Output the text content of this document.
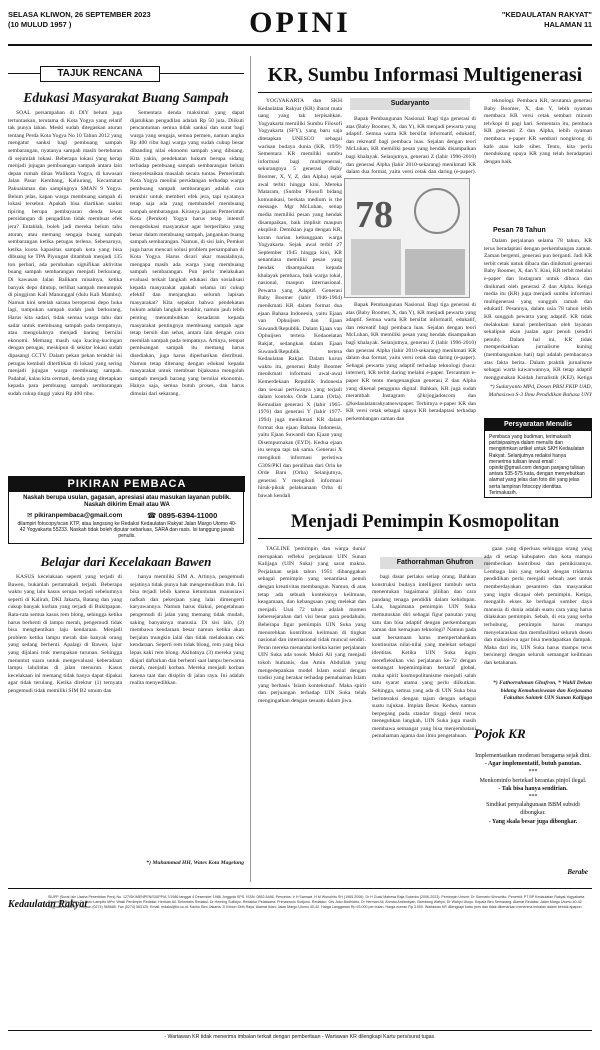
SELASA KLIWON, 26 SEPTEMBER 2023
(10 MULUD 1957 )	OPINI	"KEDAULATAN RAKYAT"
HALAMAN 11
TAJUK RENCANA
Edukasi Masyarakat Buang Sampah

SOAL persampahan di DIY belum juga tertuntaskan, terutama di Kota Yogya yang relatif tak punya lahan. Meski sudah ditegaskan aturan tentang Perda Kota Yogya No 10 Tahun 2012 yang mengatur sanksi bagi pembuang sampah sembarangan, nyatanya sampah masih bertebaran di sejumlah lokasi. Beberapa lokasi yang kerap menjadi jujugan pembuangan sampah antara lain depan rumah dinas Walikota Yogya, di kawasan Jalan Pasar Kembang, Kaliurang, Kecamatan Pakualaman dan sampingnya SMAN 9 Yogya. Belum jelas, kapan warga membuang sampah di lokasi tersebut. Apakah bisa diartikan sanksi tipiring berupa pembayaran denda lewat persidangan di pengadilan tidak membuat efek jera? Entahlah, boleh jadi mereka belum tahu aturan, atau memang sengaja buang sampah sembarangan ketika petugas terlena. Sebenarnya, ketika kuota kapasitas sampah kota yang bisa dibuang ke TPA Piyungan ditambah menjadi 135 ton perhari, ada perubahan signifikan aktivitas buang sampah sembarangan menjadi berkurang. Di kawasan Jalan Balikam misalnya, ketika banyak depo ditutup, terlihat sampah menumpuk di pinggiran Kali Manunggal (dulu Kali Mambu). Namun kini setelah sarana beroperasi depo buka lagi, tumpukan sampah sudah jauh berkurang. Harus kita sadari, tidak semua warga tahu dan sadar untuk membuang sampah pada tempatnya, atau mengolahnya menjadi barang bernilai ekonomi. Memang masih saja kucing-kucingan dengan petugas, meskipun di sekitar lokasi sudah dipasangi CCTV. Dalam pekan pekan terakhir ini petugas kembali ditertibkan di lokasi yang sering menjadi jujugan warga membuang sampah. Padahal, kalau kita cermati, denda yang ditetapkan kepada para pembuang sampah sembarangan sudah cukup tinggi yakni Rp 400 ribu.

Sementara denda maksimal yang dapat dijatuhkan pengadilan adalah Rp 50 juta. Diikuti pencantuman semua tidak sanksi dan surat bagi warga yang sengaja, semua permen, namun angka Rp 400 ribu bagi warga yang sudah cukup besar dibanding nilai ekonomi sampah yang dibuang. Kita yakin, pendekatan hukum berupa sidang terhadap pembuang sampah sembarangan belum menyelesaikan masalah secara tuntas. Pemerintah Kota Yogya menilai persidangan terhadap warga pembuang sampah sembarangan adalah cara terakhir untuk memberi efek jera, tapi nyatanya tetap saja ada yang membandel membuang sampah sembarangan. Kiranya jajaran Pemerintah Kota (Pemkot) Yogya harus tetap intensif mengedukasi masyarakat agar berperilaku yang benar dalam membuang sampah, jangankan buang sampah sembarangan. Namun, di sisi lain, Pemkot juga harus mencari solusi problem persampahan di Kota Yogya. Harus dicari akar masalahnya, mengapa masih ada warga yang membuang sampah sembarangan. Pun perlu melakukan evaluasi terkait langkah edukasi dan sosialisasi kepada masyarakat apakah selama ini cukup efektif dan menjangkau seluruh lapisan masyarakat? Kita sepakat bahwa pendekatan hukum adalah langkah terakhir, namun jauh lebih penting menumbuhkan kesadaran kepada masyarakat pentingnya membuang sampah agar tetap bersih dan sehat, antara lain dengan cara memilah sampah pada tempatnya. Artinya, tempat pembuangan sampah itu memang harus disediakan, juga harus diperhatikan distribusi. Namun tetap ditenang dengan edukasi kepada masyarakat untuk membuat bijaksana mengolah sampah menjadi barang yang bernilai ekonomis. Hanya saja, semua butuh proses, dan harus dimulai dari sekarang.

PIKIRAN PEMBACA
Naskah berupa usulan, gagasan, apresiasi atau masukan layanan publik. Naskah dikirim Email atau WA
✉ pikiranpembaca@gmail.com	☎ 0895-6394-11000
dilampiri fotocopy/scan KTP, atau langsung ke Redaksi Kedaulatan Rakyat Jalan Margo Utomo 40-42 Yogyakarta 55233. Naskah tidak boleh diputar sebarluas, SARA dan rasis. Isi tanggung jawab penulis.
Belajar dari Kecelakaan Bawen

KASUS kecelakaan seperti yang terjadi di Bawen, bukanlah pertamakali terjadi. Beberapa waktu yang lalu kasus serupa terjadi sebelumnya seperti di Kalirah, DKI Jakarta, Batang dan yang cukup banyak korban yang terjadi di Bukitpapan. Rata-rata semua kasus rem blong, sehingga ketika harus berhenti di lampu merah, pengemudi tidak bisa menghentikan laju kendaraan. Menjadi problem ketika lampu merah dan banyak orang yang sedang berhenti. Apalagi di Bawen, lajur yang dijalani truk merupakan turunan. Sehingga menuntut suara untuk mengevaluasi keberadaan lampu lalulintas di jalan menurun. Kasus kecelakaan ini memang tidak hanya dapat dipakai agar tidak terulang. Ketika direktur (1) ternyata pengemudi tidak memiliki SIM B2 umum dan

hanya memiliki SIM A. Artinya, pengemudi sejatinya tidak punya hak mengemudikan truk. Ini bisa terjadi lebih karena ketuntutan manusiawi nafkah dan pekerjaan yang lalai dimengerti karyawannya. Namun harus diakui, pengetahuan pengemudi di jalan yang memang tidak mudah, saking banyaknya manusia. Di sisi lain, (2) membawa kendaraan besar namun ketika akan berjalan mungkin lalai dan tidak melakukan cek kendaraan. Seperti rem tidak blong, rem yang bisa lepas kaki rem blong. Akibatnya (3) mereka yang diajari daftarkan dan berhenti saat lampu berwarna merah, menjadi korban. Mereka menjadi korban karena taat dan disiplin di jalan raya. Ini adalah realita menyedihkan.

*) Muhammad HH, Wates Kota Magelang
KR, Sumbu Informasi Multigenerasi

YOGYAKARTA dan SKH Kedaulatan Rakyat (KR) ibarat mata uang yang tak terpisahkan. Yogyakarta memiliki Sumbu Filosofi Yogyakarta (SFY), yang baru saja ditetapkan UNESCO sebagai warisan budaya dunia (KR, 19/9). Sementara KR memiliki sumbu informasi bagi multigenerasi, sekurangnya 5 generasi (Baby Boomer, X, Y, Z, dan Alpha) sejak awal terbit hingga kini. Mereka Mataram, (Sumbu Filosofi bidang komunikasi, berkata medium is the message. Mgr McLuhan, setiap media memiliki pesan yang hendak disampaikan, baik implisit maupun eksplisit. Demikian juga dengan KR, koran harian kebanggaan warga Yogyakarta. Sejak awal terbit 27 September 1945 hingga kini, KR senantiasa memiliki pesan yang hendak disampaikan kepada khalayak pembaca, baik warga lokal, nasional, maupun internasional. Pewarta yang Adaptif. Generasi Baby Boomer (lahir 1946-1964) menikmati KR dalam format dua ejaan Bahasa Indonesia, yaitu Ejaan van Ophuijsen dan Ejaan Suwandi/Republik. Dalam Ejaan van Ophuijsen tertera Kedaoelatan Rakjat, sedangkan dalam Ejaan Suwandi/Republik tertera Kedaulatan Rakjat. Dalam kurun waktu itu, generasi Baby Boomer menikmati informasi awal-awal Kemerdekaan Republik Indonesia dan sesuai pertiwanya yang terjadi dalam kontoks Orde Lama (Orla). Kemudian generasi X (lahir 1965-1976) dan generasi Y (lahir 1977-1994) juga menikmati KR dalam format dua ejaan Bahasa Indonesia, yaitu Ejaan Suwandi dan Ejaan yang Disempurnakan (EYD). Kedua ejaan itu serupa tapi tak sama. Generasi X mengikuti informasi peristiwa G30S/PKI dan peralihan dari Orla ke Orde Baru (Orba) Selanjutnya, generasi Y mengikuti informasi hiruk-pikuk pelaksanaan Orba di bawah kendali

Sudaryanto

Bapak Pembangunan Nasional. Bagi tiga generasi di atas (Baby Boomer, X, dan Y), KR menjadi pewarta yang adaptif. Semua warta KR bersifat informatif, edukatif, dan rekreatif bagi pembaca luas. Sejalan dengan teori McLuhan, KR memiliki pesan yang hendak disampaikan bagi khalayak. Selanjutnya, generasi Z (lahir 1996-2010) dan generasi Alpha (lahir 2010-sekarang) menikmati KR dalam dua format, yaitu versi cetak dan daring (e-paper).

78

Bapak Pembangunan Nasional. Bagi tiga generasi di atas (Baby Boomer, X, dan Y), KR menjadi pewarta yang adaptif. Semua warta KR bersifat informatif, edukatif, dan rekreatif bagi pembaca luas. Sejalan dengan teori McLuhan, KR memiliki pesan yang hendak disampaikan bagi khalayak. Selanjutnya, generasi Z (lahir 1996-2010) dan generasi Alpha (lahir 2010-sekarang) menikmati KR dalam dua format, yaitu versi cetak dan daring (e-paper). Sebagai pewarta yang adaptif terhadap teknologi (baca: internet), KR terbit daring melalui e-paper. Tercantum e-paper KR tentu mengenangkan generasi Z dan Alpha yang dikenal pengguna digital. Bahkan, KR juga sudah merambah Instagram @krjogjadotcom dan @kedaulatanrakyatnewspaper. Terbitnya e-paper KR dan KR versi cetak sebagai upaya KR beradaptasi terhadap perkembangan zaman dan

teknologi. Pembaca KR, terutama generasi Baby Boomer, X, dan Y, lebih nyaman membaca KR versi cetak sembari minum teh/kopi di pagi hari. Sementara itu, pembaca KR generasi Z dan Alpha, lebih nyaman membaca e-paper KR sembari nongkrong di kafe atau kafe siber. Tentu, kita perlu mendukung upaya KR yang telah beradaptasi dengan baik.

Pesan 78 Tahun

Dalam perjalanan selama 78 tahun, KR terus beradaptasi dengan perkembangan zaman. Zaman bergenti, generasi pun berganti. Jadi KR terbit cetak untuk dibaca dan dinikmati generasi Baby Boomer, X, dan Y. Kini, KR terbit melalui e-paper dan Instagram untuk dibaca dan dinikmati oleh generasi Z dan Alpha. Ketiga media itu (KR) juga menjadi sumbu informasi multigenerasi yang sungguh ramah dan edukatif. Pesannya, dalam usia 78 tahun lebih KR sungguh pewarta yang adaptif. KR tidak melakukan kanal pemberitaan oleh layanan sekalipun akan jualan agar penuh (sendiri penuh). Dalam hal ini, KR tidak memperkaitkan jurnalisme kuning (membangunkan hati) tapi adalah pembacanya atas fakta berita. Dalam praktik jurnalisme sebagai warta kawarwannya, KR tetap adaptif menggunakan Kaidah Jurnalistik (KEJ). Ketiga

*) Sudaryanto MPd, Dosen PBSI FKIP UAD, Mahasiswa S-3 Ilmu Pendidikan Bahasa UNY
Persyaratan Menulis
Pembaca yang budiman, terimakasih partisipasinya dalam menulis dan mengirimkan artikel untuk SKH Kedaulatan Rakyat. Selanjutnya redaksi hanya menerima tulisan lewat email : opinikr@gmail.com dengan panjang tulisan antara 535-575 kata, dengan menyebutkan alamat yang jelas dan foto diri yang jelas serta lampiran fotocopy identitas. Terimakasih.
Menjadi Pemimpin Kosmopolitan

TAGLINE 'pemimpin dan warga dunia' merupakan refleksi perjalanan UIN Sunan Kalijaga (UIN Suka) yang sarat makna. Perjalanan sejak tahun 1951 dibanggakan sebagai pemimpin yang senantiasa penuh dengan kreativitas membangun. Namun, di atas tetap ada sebuah konteksnya keilmuan, keagamaan, dan kebangsaan yang melekat dan menjadi. Usai 72 tahun adalah momen kebersejarahan dari visi besar para pendahulu. Beberapa figur pemimpin UIN Suka yang menorehkan kontribusi keilmuan di tingkat nasional dan internasional tidak muncul sendiri. Peran mereka menandai ketika karier perjalanan UIN Suka ada sosok Mukti Ali yang menjadi tokoh humanis, dan Amin Abdullah yang mengedepankan model Islam sosial dengan tradisi yang berakar terhadap pemahaman Islam yang berbasis 'Islam kontekstual'. Maka spirit dan perjuangan terhadap UIN Suka telah mengingatkan dengan sesuatu dalam jiwa.

Fathorrahman Ghufron

bagi dasar perlaku setiap orang. Bahkan konstruksi budaya intelligent tumbuh serta menentukan bagaimana pilihan dan cara pandang tenaga pendidik dalam kehidupan. Lalu, bagaimana pemimpin UIN Suka memutuskan diri sebagai figur panutan yang satu dan bisa adaptif dengan perkembangan zaman dan kemajuan teknologi? Namun pada saat bersamaan harus mempertahankan kontinuitas nilai-nilai yang melekat sebagai identitas. Ketika UIN Suka ingin merefleksikan visi perjalanan ke-72 dengan semangat kepemimpinan bertaraf global, maka spirit kosmopolitanisme menjadi salah satu syarat utama yang perlu diikutkan. Sehingga, semua yang ada di UIN Suka bisa berinteraksi dengan tajam dengan sebagai suatu rujukan. Impian Besar. Kedua, namun berpegang pada standar tinggi demi terus meneguhkan langkah, UIN Suka juga masih membawa semangat yang bisa menjembatani pemahaman agama dan ilmu pengetahuan.

gaan yang diperluas sehingga orang yang ada di setiap kabupaten dan kota mampu memberikan kontribusi dan pemikirannya. Lembaga lain yang terkait dengan tridarma pendidikan perlu menjadi sebuah aset untuk memberdayakan pesantren dan masyarakat yang ingin dicapai oleh pemimpin. Ketiga, mengalih ekses ke berbagai sumber daya manusia di dunia adalah suatu cara yang harus dilakukan pemimpin. Sebab, di era yang serba terhubung, pemimpin harus mampu menyelaraskan dan memfasilitasi seluruh dosen dan mahasiswa agar bisa mendapatkan dampak. Maka dari itu, UIN Suka harus mampu terus bersinergi dengan seluruh semangat keilmuan dan ketahanan.

*) Fathorrahman Ghufron, * Wakil Dekan bidang Kemahasiswaan dan Kerjasama Fakultas Saintek UIN Sunan Kalijaga
Pojok KR
Implementasikan moderasi beragama sejak dini.
- Agar implementatif, butuh panutan.
***
Menkominfo bertekad berantas pinjol ilegal.
- Tak bisa hanya sendirian.
***
Sindikat penyalahgunaan BBM subsidi dibongkar.
- Yang skala besar juga dibongkar.
Berabe
Kedaulatan Rakyat
SIUPP (Surat Izin Usaha Penerbitan Pers) No. 127/SK/MENPEN/SIUPP/A.7/1986 tanggal 4 Desember 1986. Anggota SPS. ISSN: 0852-6486. Pencetus: Ir H Samawi. H M Wonohito SH (1965-2006). Dr H Gusti Mahesa Raja Sukedro (2006-2023). Pemimpin Umum: Dr Soenarto Wonohito. Penerbit: PT BP Kedaulatan Rakyat Yogyakarta. Pemimpin Redaksi: Dr Octo Lampito MPd. Wakil Pemimpin Redaksi: Herman Ali. Sekretaris Redaksi: Dr Herning Sulistyo. Redaktur Pelaksana: Primaswolo Sudjono. Redaktur: Drs Joko Budhiarto, Dr Herman Ali, Ahmad Ardiansyah, Bambang Wahyu, Dr Wahyu Utoyo. Kepala Biro Semarang. Alamat Redaksi: Jalan Margo Utomo 40-42 Yogyakarta 55233. Telepon (0274) 565685. Fax (0274) 563125. Email: redaksi@kr.co.id. Kantor Biro Jakarta: Jl Kebon Sirih Raya. Alamat Iklan: Jalan Margo Utomo 40-42. Harga Langganan Rp 93.000 per bulan. Harga eceran Rp 3.500. Wartawan KR dilengkapi kartu pers dan tidak dibenarkan menerima imbalan dalam bentuk apapun.
- Wartawan KR tidak menerima imbalan terkait dengan pemberitaan - Wartawan KR dilengkapi Kartu pers/surat tugas.
